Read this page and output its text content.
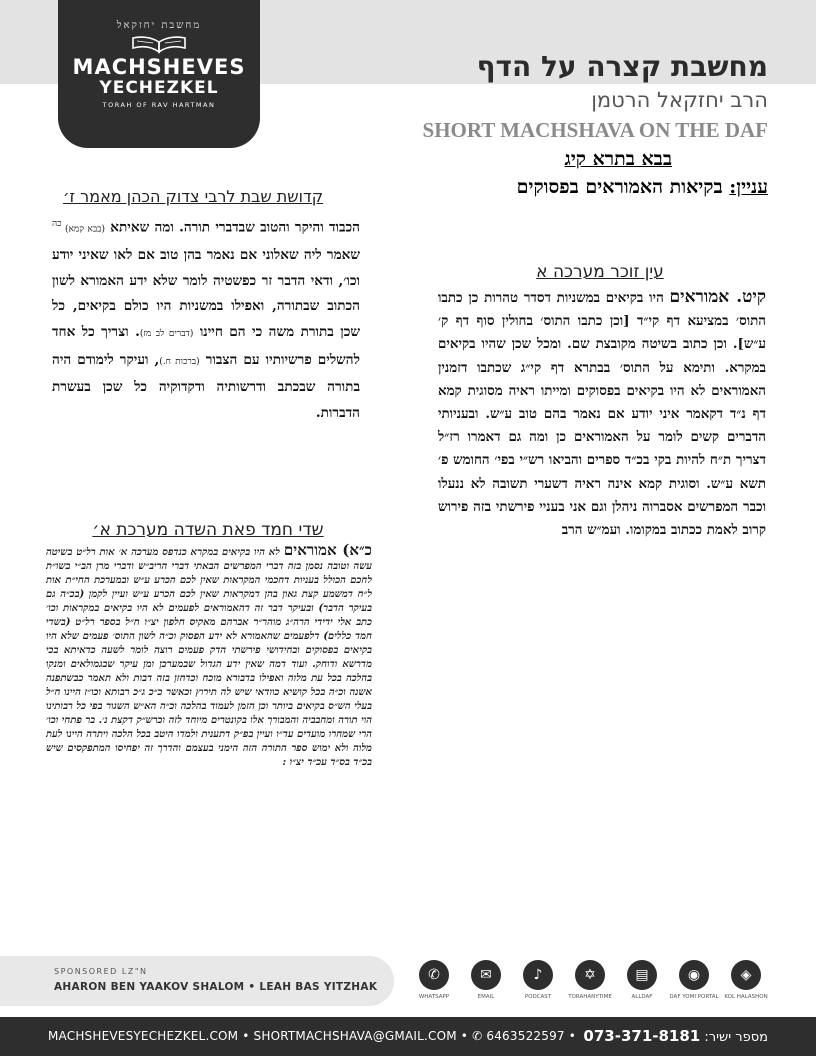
מחשבת יחזקאל
MACHSHEVES
YECHEZKEL
TORAH OF RAV HARTMAN
מחשבת קצרה על הדף
הרב יחזקאל הרטמן
SHORT MACHSHAVA ON THE DAF
בבא בתרא קיג
עניין: בקיאות האמוראים בפסוקים
קדושת שבת לרבי צדוק הכהן מאמר ז׳
הכבוד והיקר והטוב שבדברי תורה. ומה שאיתא (בבא קמא) $^{כה}$ שאמר ליה שאלוני אם נאמר בהן טוב אם לאו שאיני יודע וכו׳, ודאי הדבר זר כפשטיה לומר שלא ידע האמורא לשון הכתוב שבתורה, ואפילו במשניות היו כולם בקיאים, כל שכן בתורת משה כי הם חיינו (דברים לב מז). וצריך כל אחד להשלים פרשיותיו עם הצבור (ברכות ח.), ועיקר לימודם היה בתורה שבכתב ודרשותיה ודקדוקיה כל שכן בעשרת הדברות.
עין זוכר מערכה א
קיט. אמוראים היו בקיאים במשניות דסדר טהרות כן כתבו התוס׳ במציעא דף קי״ד [וכן כתבו התוס׳ בחולין סוף דף ק׳ ע״ש]. וכן כתוב בשיטה מקובצת שם. ומכל שכן שהיו בקיאים במקרא. ותימא על התוס׳ בבתרא דף קי״ג שכתבו דזמנין האמוראים לא היו בקיאים בפסוקים ומייתו ראיה מסוגית קמא דף נ״ד דקאמר איני יודע אם נאמר בהם טוב ע״ש. ובעניותי הדברים קשים לומר על האמוראים כן ומה גם דאמרו רז״ל דצריך ת״ח להיות בקי בכ״ד ספרים והביאו רש״י בפי׳ החומש פ׳ תשא ע״ש. וסוגית קמא אינה ראיה דשערי תשובה לא ננעלו וכבר המפרשים אסברוה ניהלן וגם אני בעניי פירשתי בזה פירוש קרוב לאמת ככתוב במקומו. ועמ״ש הרב
שדי חמד פאת השדה מערכת א׳
כ״א) אמוראים לא היו בקיאים במקרא כנדפס מערכה א׳ אות רל״ט בשיטה עשה וטובה נסמן בזה דברי המפרשים הבאתי דברי הריב״ש ודברי מרן הב״י בשו״ת לחכם הכולל בעניות דחכמי המקראות שאין לכם הכרע ע״ש ובמערכת החי״ת אות ל״ח דמשמע קצת גאון בהן דמקראות שאין לכם הכרע ע״ש ועיין לקמן (בכ״ה גם בעיקר הדבר) ובעיקר דבר זה דהאמוראים לפעמים לא היו בקיאים במקראות וכו׳ כתב אלי ידידי הרה״ג מוהר״ר אברהם מאקיס חלפון יצ״ו ח״ל בספר רל״ט (בשדי חמד כללים) דלפעמים שהאמורא לא ידע הפסוק וכ״ה לשון התוס׳ פעמים שלא היו בקיאים בפסוקים ובחידושי פירשתי הדק פעמים רוצה לומר לשעה כדאיתא בכי מדרשא ודוחק. ועוד דמה שאין ידע הגדול שבמערכן ומן עיקר שבגמולאים ומנקו בהלכה בכל עת מלוה ואפילו בדבורא מוכח וכדחזן בזה דבות ולא תאמר כבשתפנה אשנה וכ״ה בכל קושיא כוודאי שיש לה תירוץ וכאשר כ״כ ג״כ רבותא וכו״ז היינו ח״ל בעלי הש״ס בקיאים ביותר וכן הזמן לעמוד בהלכה וכ״ה הא״ש השגור בפי כל רבותינו הוי תורה ומחבביה והמבורך אלו בקונטרים מיוחד לזה וכרש״ק דקצת נ׳. בר פתחי וכו׳ הרי שמחרו מועדים עד״ו ועיין בפ״ק דתענית ולמדו היטב בכל הלכה ויתרה היינו לעת מלוה ולא ימוש ספר התורה הזה הימני בעצמם והדרך זה יפחיסו המתפקסים שיש בכ״ד בס״ד עכ״ד יצ״ו :
SPONSORED LZ"N
AHARON BEN YAAKOV SHALOM • LEAH BAS YITZHAK
✆
WHATSAPP
✉
EMAIL
♪
PODCAST
✡
TORAHANYTIME
▤
ALLDAF
◉
DAF YOMI PORTAL
◈
KOL HALASHON
MACHSHEVESYECHEZKEL.COM • SHORTMACHSHAVA@GMAIL.COM • ✆ 6463522597 •	מספר ישיר: 073-371-8181
